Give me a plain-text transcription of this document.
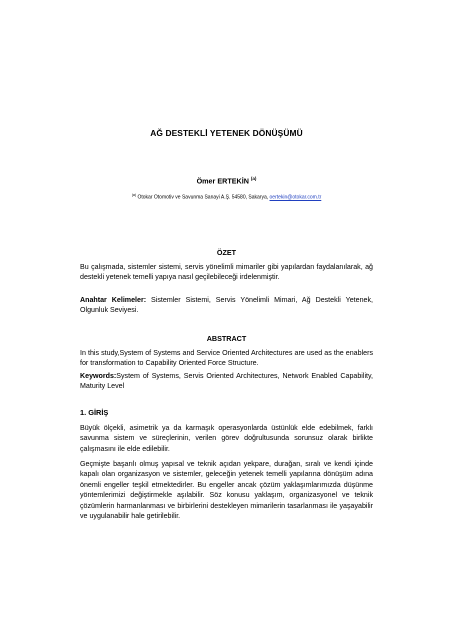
AĞ DESTEKLİ YETENEK DÖNÜŞÜMÜ
Ömer ERTEKİN $^{(a)}$
$^{(a)}$ Otokar Otomotiv ve Savunma Sanayi A.Ş. 54580, Sakarya, oertekin@otokar.com.tr
ÖZET
Bu çalışmada, sistemler sistemi, servis yönelimli mimariler gibi yapılardan faydalanılarak, ağ destekli yetenek temelli yapıya nasıl geçilebileceği irdelenmiştir.
Anahtar Kelimeler: Sistemler Sistemi, Servis Yönelimli Mimari, Ağ Destekli Yetenek, Olgunluk Seviyesi.
ABSTRACT
In this study,System of Systems and Service Oriented Architectures are used as the enablers for transformation to Capability Oriented Force Structure.
Keywords:System of Systems, Servis Oriented Architectures, Network Enabled Capability, Maturity Level
1. GİRİŞ
Büyük ölçekli, asimetrik ya da karmaşık operasyonlarda üstünlük elde edebilmek, farklı savunma sistem ve süreçlerinin, verilen görev doğrultusunda sorunsuz olarak birlikte çalışmasını ile elde edilebilir.
Geçmişte başarılı olmuş yapısal ve teknik açıdan yekpare, durağan, sıralı ve kendi içinde kapalı olan organizasyon ve sistemler, geleceğin yetenek temelli yapılarına dönüşüm adına önemli engeller teşkil etmektedirler. Bu engeller ancak çözüm yaklaşımlarımızda düşünme yöntemlerimizi değiştirmekle aşılabilir. Söz konusu yaklaşım, organizasyonel ve teknik çözümlerin harmanlanması ve birbirlerini destekleyen mimarilerin tasarlanması ile yaşayabilir ve uygulanabilir hale getirilebilir.
